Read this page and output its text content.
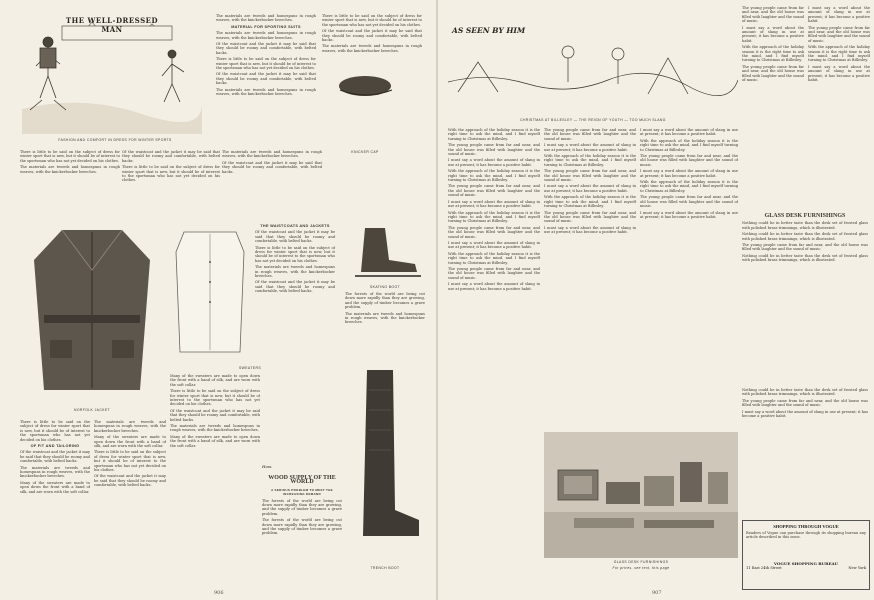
THE WELL-DRESSED MAN
FASHION AND COMFORT IN DRESS FOR WINTER SPORTS

The materials are tweeds and homespuns in rough weaves, with the knickerbocker breeches.

MATERIAL FOR SPORTING SUITS

The materials are tweeds and homespuns in rough weaves, with the knickerbocker breeches.

Of the waistcoat and the jacket it may be said that they should be roomy and comfortable, with belted backs.

There is little to be said on the subject of dress for winter sport that is new, but it should be of interest to the sportsman who has not yet decided on his clothes.

Of the waistcoat and the jacket it may be said that they should be roomy and comfortable, with belted backs.

The materials are tweeds and homespuns in rough weaves, with the knickerbocker breeches.

There is little to be said on the subject of dress for winter sport that is new, but it should be of interest to the sportsman who has not yet decided on his clothes.

Of the waistcoat and the jacket it may be said that they should be roomy and comfortable, with belted backs.

The materials are tweeds and homespuns in rough weaves, with the knickerbocker breeches.

KNICKER CAP

There is little to be said on the subject of dress for winter sport that is new, but it should be of interest to the sportsman who has not yet decided on his clothes.

The materials are tweeds and homespuns in rough weaves, with the knickerbocker breeches.

Of the waistcoat and the jacket it may be said that they should be roomy and comfortable, with belted backs.

There is little to be said on the subject of dress for winter sport that is new, but it should be of interest to the sportsman who has not yet decided on his clothes.

The materials are tweeds and homespuns in rough weaves, with the knickerbocker breeches.

Of the waistcoat and the jacket it may be said that they should be roomy and comfortable, with belted backs.

NORFOLK JACKET
THE WAISTCOATS AND JACKETS

Of the waistcoat and the jacket it may be said that they should be roomy and comfortable, with belted backs.

There is little to be said on the subject of dress for winter sport that is new, but it should be of interest to the sportsman who has not yet decided on his clothes.

The materials are tweeds and homespuns in rough weaves, with the knickerbocker breeches.

Of the waistcoat and the jacket it may be said that they should be roomy and comfortable, with belted backs.

SKATING BOOT

The forests of the world are being cut down more rapidly than they are growing, and the supply of timber becomes a grave problem.

The materials are tweeds and homespuns in rough weaves, with the knickerbocker breeches.

SWEATERS

Many of the sweaters are made to open down the front with a band of silk, and are worn with the soft collar.

There is little to be said on the subject of dress for winter sport that is new, but it should be of interest to the sportsman who has not yet decided on his clothes.

Of the waistcoat and the jacket it may be said that they should be roomy and comfortable, with belted backs.

The materials are tweeds and homespuns in rough weaves, with the knickerbocker breeches.

Many of the sweaters are made to open down the front with a band of silk, and are worn with the soft collar.

TRENCH BOOT

There is little to be said on the subject of dress for winter sport that is new, but it should be of interest to the sportsman who has not yet decided on his clothes.

OF FIT AND TAILORING

Of the waistcoat and the jacket it may be said that they should be roomy and comfortable, with belted backs.

The materials are tweeds and homespuns in rough weaves, with the knickerbocker breeches.

Many of the sweaters are made to open down the front with a band of silk, and are worn with the soft collar.

The materials are tweeds and homespuns in rough weaves, with the knickerbocker breeches.

Many of the sweaters are made to open down the front with a band of silk, and are worn with the soft collar.

There is little to be said on the subject of dress for winter sport that is new, but it should be of interest to the sportsman who has not yet decided on his clothes.

Of the waistcoat and the jacket it may be said that they should be roomy and comfortable, with belted backs.

WOOD SUPPLY OF THE WORLD
A SERIOUS PROBLEM TO MEET THE INCREASING DEMAND

The forests of the world are being cut down more rapidly than they are growing, and the supply of timber becomes a grave problem.

The forests of the world are being cut down more rapidly than they are growing, and the supply of timber becomes a grave problem.

How.
906
AS SEEN BY HIM
CHRISTMAS AT BILLESLEY — THE REIGN OF YOUTH — TOO MUCH SLANG

The young people came from far and near, and the old house was filled with laughter and the sound of music.

I must say a word about the amount of slang in use at present; it has become a positive habit.

With the approach of the holiday season it is the right time to ask the mind, and I find myself turning to Christmas at Billesley.

The young people came from far and near, and the old house was filled with laughter and the sound of music.

I must say a word about the amount of slang in use at present; it has become a positive habit.

The young people came from far and near, and the old house was filled with laughter and the sound of music.

With the approach of the holiday season it is the right time to ask the mind, and I find myself turning to Christmas at Billesley.

I must say a word about the amount of slang in use at present; it has become a positive habit.

With the approach of the holiday season it is the right time to ask the mind, and I find myself turning to Christmas at Billesley.

The young people came from far and near, and the old house was filled with laughter and the sound of music.

I must say a word about the amount of slang in use at present; it has become a positive habit.

With the approach of the holiday season it is the right time to ask the mind, and I find myself turning to Christmas at Billesley.

The young people came from far and near, and the old house was filled with laughter and the sound of music.

I must say a word about the amount of slang in use at present; it has become a positive habit.

With the approach of the holiday season it is the right time to ask the mind, and I find myself turning to Christmas at Billesley.

The young people came from far and near, and the old house was filled with laughter and the sound of music.

I must say a word about the amount of slang in use at present; it has become a positive habit.

With the approach of the holiday season it is the right time to ask the mind, and I find myself turning to Christmas at Billesley.

The young people came from far and near, and the old house was filled with laughter and the sound of music.

I must say a word about the amount of slang in use at present; it has become a positive habit.

The young people came from far and near, and the old house was filled with laughter and the sound of music.

I must say a word about the amount of slang in use at present; it has become a positive habit.

With the approach of the holiday season it is the right time to ask the mind, and I find myself turning to Christmas at Billesley.

The young people came from far and near, and the old house was filled with laughter and the sound of music.

I must say a word about the amount of slang in use at present; it has become a positive habit.

With the approach of the holiday season it is the right time to ask the mind, and I find myself turning to Christmas at Billesley.

The young people came from far and near, and the old house was filled with laughter and the sound of music.

I must say a word about the amount of slang in use at present; it has become a positive habit.

I must say a word about the amount of slang in use at present; it has become a positive habit.

With the approach of the holiday season it is the right time to ask the mind, and I find myself turning to Christmas at Billesley.

The young people came from far and near, and the old house was filled with laughter and the sound of music.

I must say a word about the amount of slang in use at present; it has become a positive habit.

With the approach of the holiday season it is the right time to ask the mind, and I find myself turning to Christmas at Billesley.

The young people came from far and near, and the old house was filled with laughter and the sound of music.

I must say a word about the amount of slang in use at present; it has become a positive habit.	GLASS DESK FURNISHINGS

Nothing could be in better taste than the desk set of frosted glass with polished brass trimmings, which is illustrated.

Nothing could be in better taste than the desk set of frosted glass with polished brass trimmings, which is illustrated.

The young people came from far and near, and the old house was filled with laughter and the sound of music.

Nothing could be in better taste than the desk set of frosted glass with polished brass trimmings, which is illustrated.

GLASS DESK FURNISHINGS
For prices, see text, this page
SHOPPING THROUGH VOGUE

Readers of Vogue can purchase through its shopping bureau any article described in this issue.

VOGUE SHOPPING BUREAU
11 East 24th Street	New York

Nothing could be in better taste than the desk set of frosted glass with polished brass trimmings, which is illustrated.

The young people came from far and near, and the old house was filled with laughter and the sound of music.

I must say a word about the amount of slang in use at present; it has become a positive habit.

907
